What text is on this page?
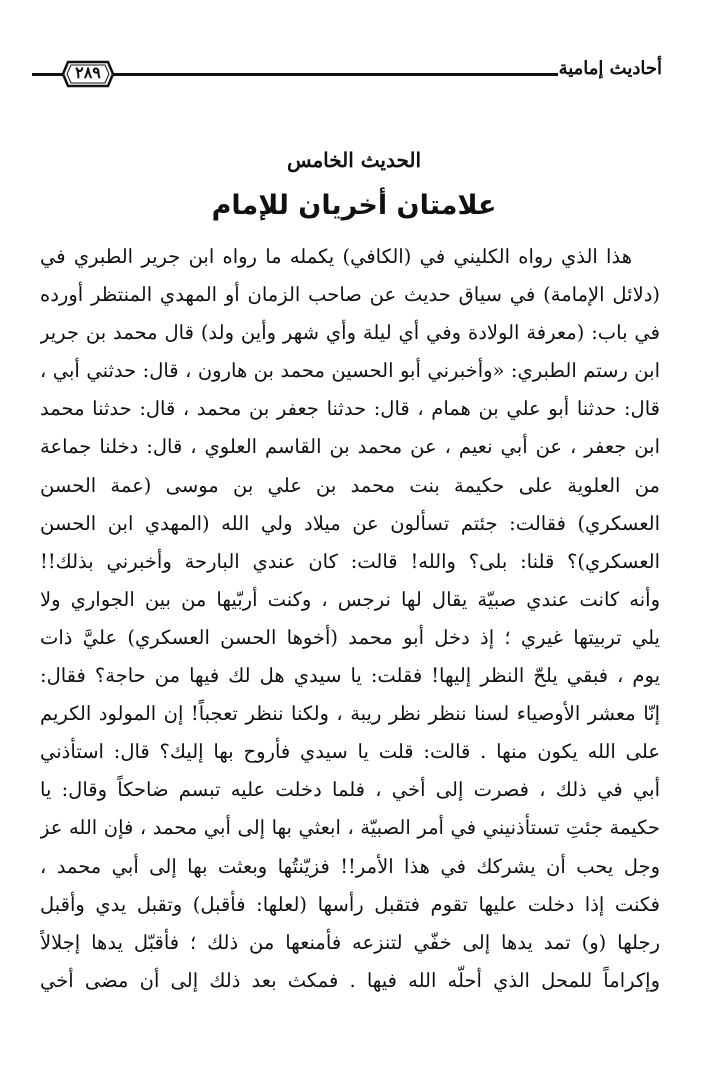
أحاديث إمامية
٢٨٩
الحديث الخامس
علامتان أخريان للإمام
هذا الذي رواه الكليني في (الكافي) يكمله ما رواه ابن جرير الطبري في
(دلائل الإمامة) في سياق حديث عن صاحب الزمان أو المهدي المنتظر أورده
في باب: (معرفة الولادة وفي أي ليلة وأي شهر وأين ولد) قال محمد بن جرير
ابن رستم الطبري: «وأخبرني أبو الحسين محمد بن هارون ، قال: حدثني أبي ،
قال: حدثنا أبو علي بن همام ، قال: حدثنا جعفر بن محمد ، قال: حدثنا محمد
ابن جعفر ، عن أبي نعيم ، عن محمد بن القاسم العلوي ، قال: دخلنا جماعة
من العلوية على حكيمة بنت محمد بن علي بن موسى (عمة الحسن
العسكري) فقالت: جئتم تسألون عن ميلاد ولي الله (المهدي ابن الحسن
العسكري)؟ قلنا: بلى؟ والله! قالت: كان عندي البارحة وأخبرني بذلك!!
وأنه كانت عندي صبيّة يقال لها نرجس ، وكنت أربّيها من بين الجواري ولا
يلي تربيتها غيري ؛ إذ دخل أبو محمد (أخوها الحسن العسكري) عليَّ ذات
يوم ، فبقي يلحّ النظر إليها! فقلت: يا سيدي هل لك فيها من حاجة؟ فقال:
إنّا معشر الأوصياء لسنا ننظر نظر ريبة ، ولكنا ننظر تعجباً! إن المولود الكريم
على الله يكون منها . قالت: قلت يا سيدي فأروح بها إليك؟ قال: استأذني
أبي في ذلك ، فصرت إلى أخي ، فلما دخلت عليه تبسم ضاحكاً وقال: يا
حكيمة جئتِ تستأذنيني في أمر الصبيّة ، ابعثي بها إلى أبي محمد ، فإن الله عز
وجل يحب أن يشركك في هذا الأمر!! فزيّنتُها وبعثت بها إلى أبي محمد ،
فكنت إذا دخلت عليها تقوم فتقبل رأسها (لعلها: فأقبل) وتقبل يدي وأقبل
رجلها (و) تمد يدها إلى خفّي لتنزعه فأمنعها من ذلك ؛ فأقبّل يدها إجلالاً
وإكراماً للمحل الذي أحلّه الله فيها . فمكث بعد ذلك إلى أن مضى أخي
